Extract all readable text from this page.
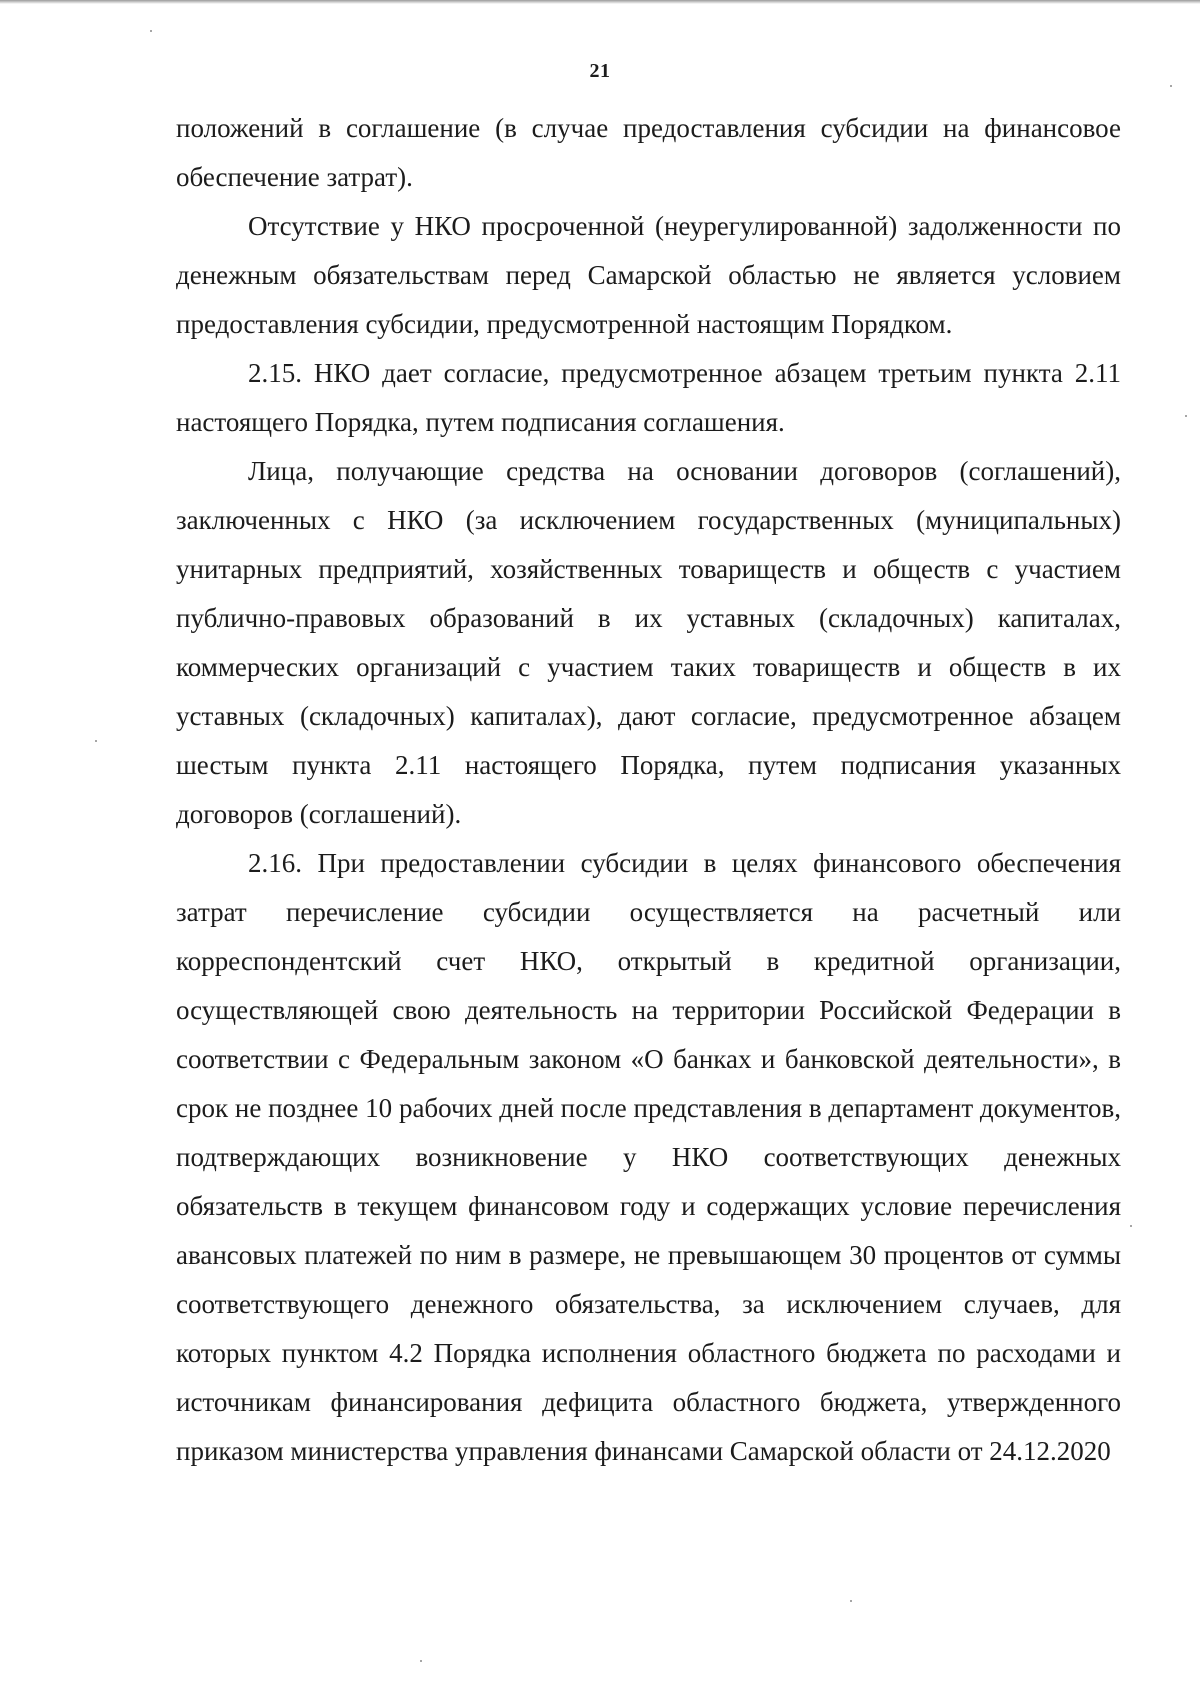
21

положений в соглашение (в случае предоставления субсидии на финансовое обеспечение затрат).

Отсутствие у НКО просроченной (неурегулированной) задолженности по денежным обязательствам перед Самарской областью не является условием предоставления субсидии, предусмотренной настоящим Порядком.

2.15. НКО дает согласие, предусмотренное абзацем третьим пункта 2.11 настоящего Порядка, путем подписания соглашения.

Лица, получающие средства на основании договоров (соглашений), заключенных с НКО (за исключением государственных (муниципальных) унитарных предприятий, хозяйственных товариществ и обществ с участием публично-правовых образований в их уставных (складочных) капиталах, коммерческих организаций с участием таких товариществ и обществ в их уставных (складочных) капиталах), дают согласие, предусмотренное абзацем шестым пункта 2.11 настоящего Порядка, путем подписания указанных договоров (соглашений).

2.16. При предоставлении субсидии в целях финансового обеспечения затрат перечисление субсидии осуществляется на расчетный или корреспондентский счет НКО, открытый в кредитной организации, осуществляющей свою деятельность на территории Российской Федерации в соответствии с Федеральным законом «О банках и банковской деятельности», в срок не позднее 10 рабочих дней после представления в департамент документов, подтверждающих возникновение у НКО соответствующих денежных обязательств в текущем финансовом году и содержащих условие перечисления авансовых платежей по ним в размере, не превышающем 30 процентов от суммы соответствующего денежного обязательства, за исключением случаев, для которых пунктом 4.2 Порядка исполнения областного бюджета по расходами и источникам финансирования дефицита областного бюджета, утвержденного приказом министерства управления финансами Самарской области от 24.12.2020
